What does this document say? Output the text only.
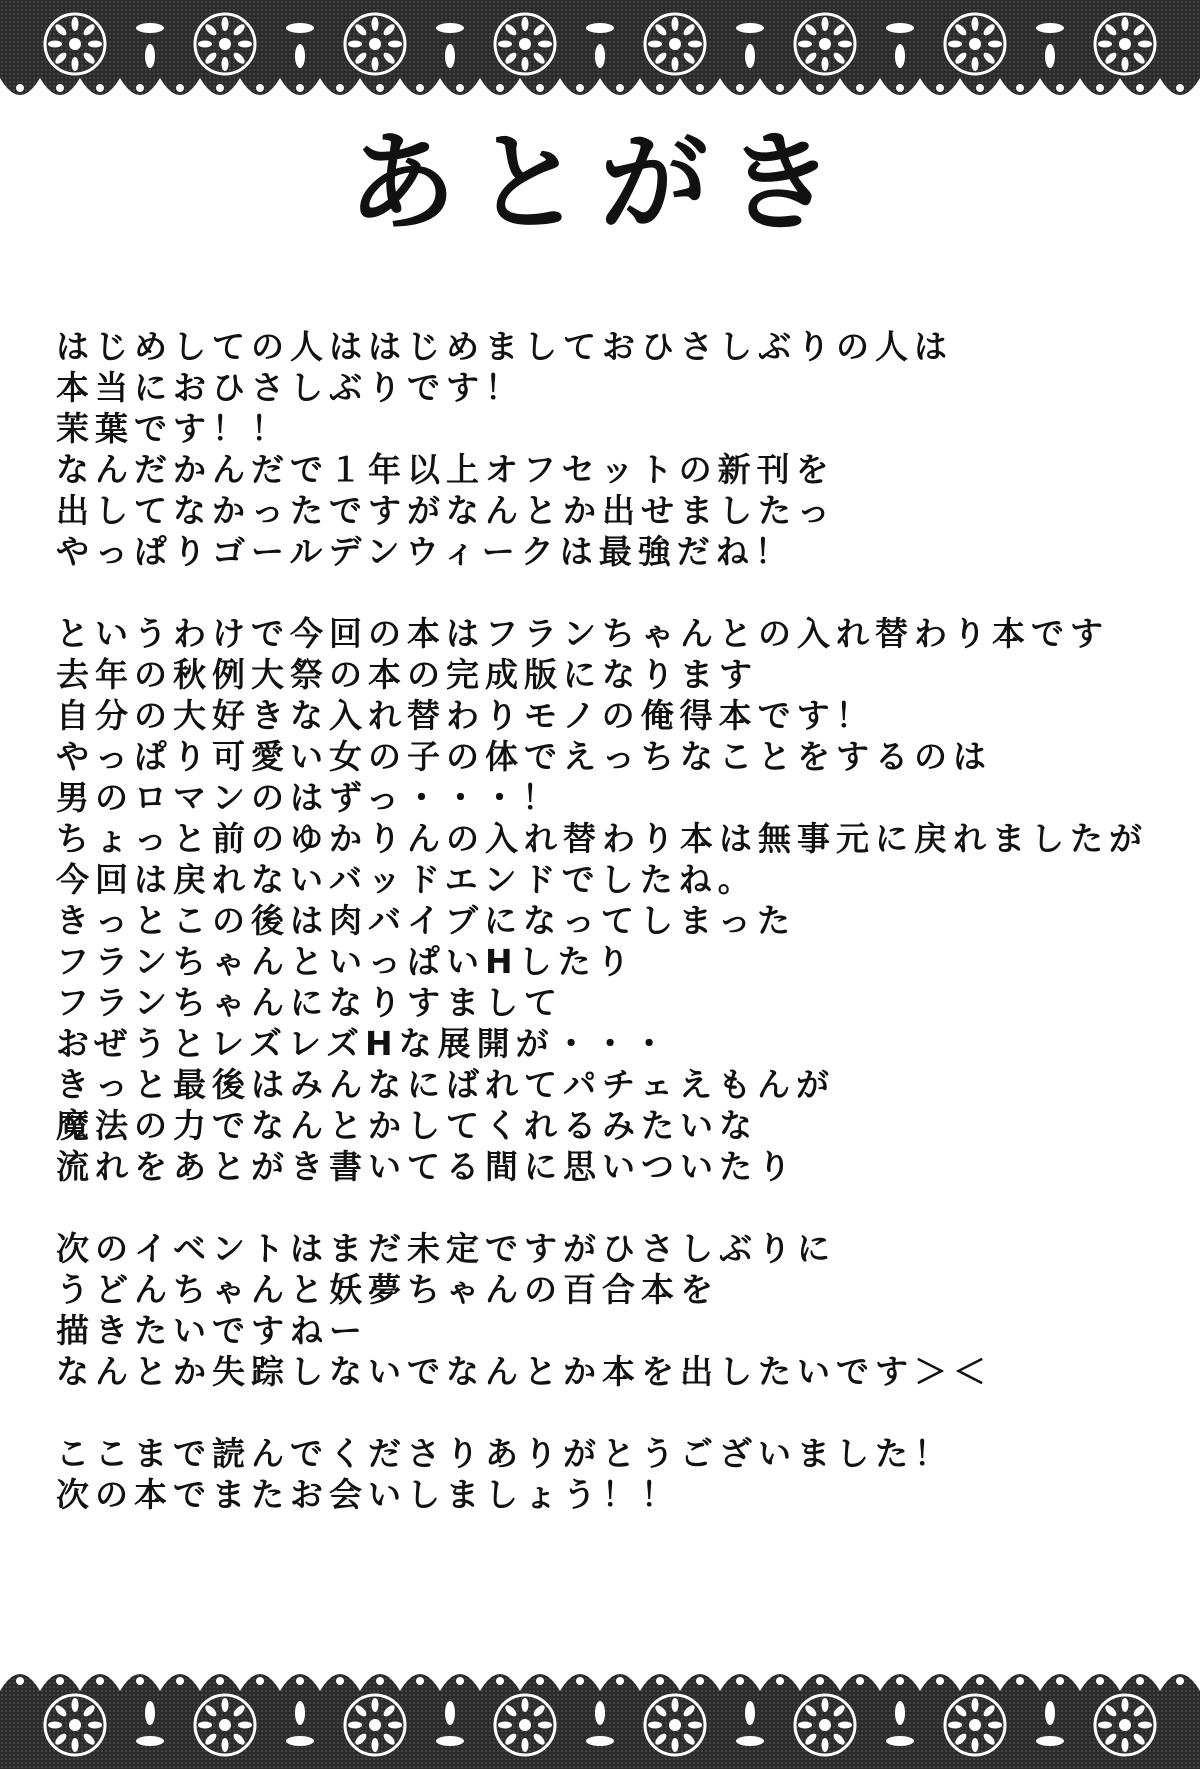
あとがき
はじめしての人ははじめましておひさしぶりの人は
本当におひさしぶりです！
茉葉です！！
なんだかんだで１年以上オフセットの新刊を
出してなかったですがなんとか出せましたっ
やっぱりゴールデンウィークは最強だね！
というわけで今回の本はフランちゃんとの入れ替わり本です
去年の秋例大祭の本の完成版になります
自分の大好きな入れ替わりモノの俺得本です！
やっぱり可愛い女の子の体でえっちなことをするのは
男のロマンのはずっ・・・！
ちょっと前のゆかりんの入れ替わり本は無事元に戻れましたが
今回は戻れないバッドエンドでしたね。
きっとこの後は肉バイブになってしまった
フランちゃんといっぱいHしたり
フランちゃんになりすまして
おぜうとレズレズHな展開が・・・
きっと最後はみんなにばれてパチェえもんが
魔法の力でなんとかしてくれるみたいな
流れをあとがき書いてる間に思いついたり
次のイベントはまだ未定ですがひさしぶりに
うどんちゃんと妖夢ちゃんの百合本を
描きたいですねー
なんとか失踪しないでなんとか本を出したいです＞＜
ここまで読んでくださりありがとうございました！
次の本でまたお会いしましょう！！
